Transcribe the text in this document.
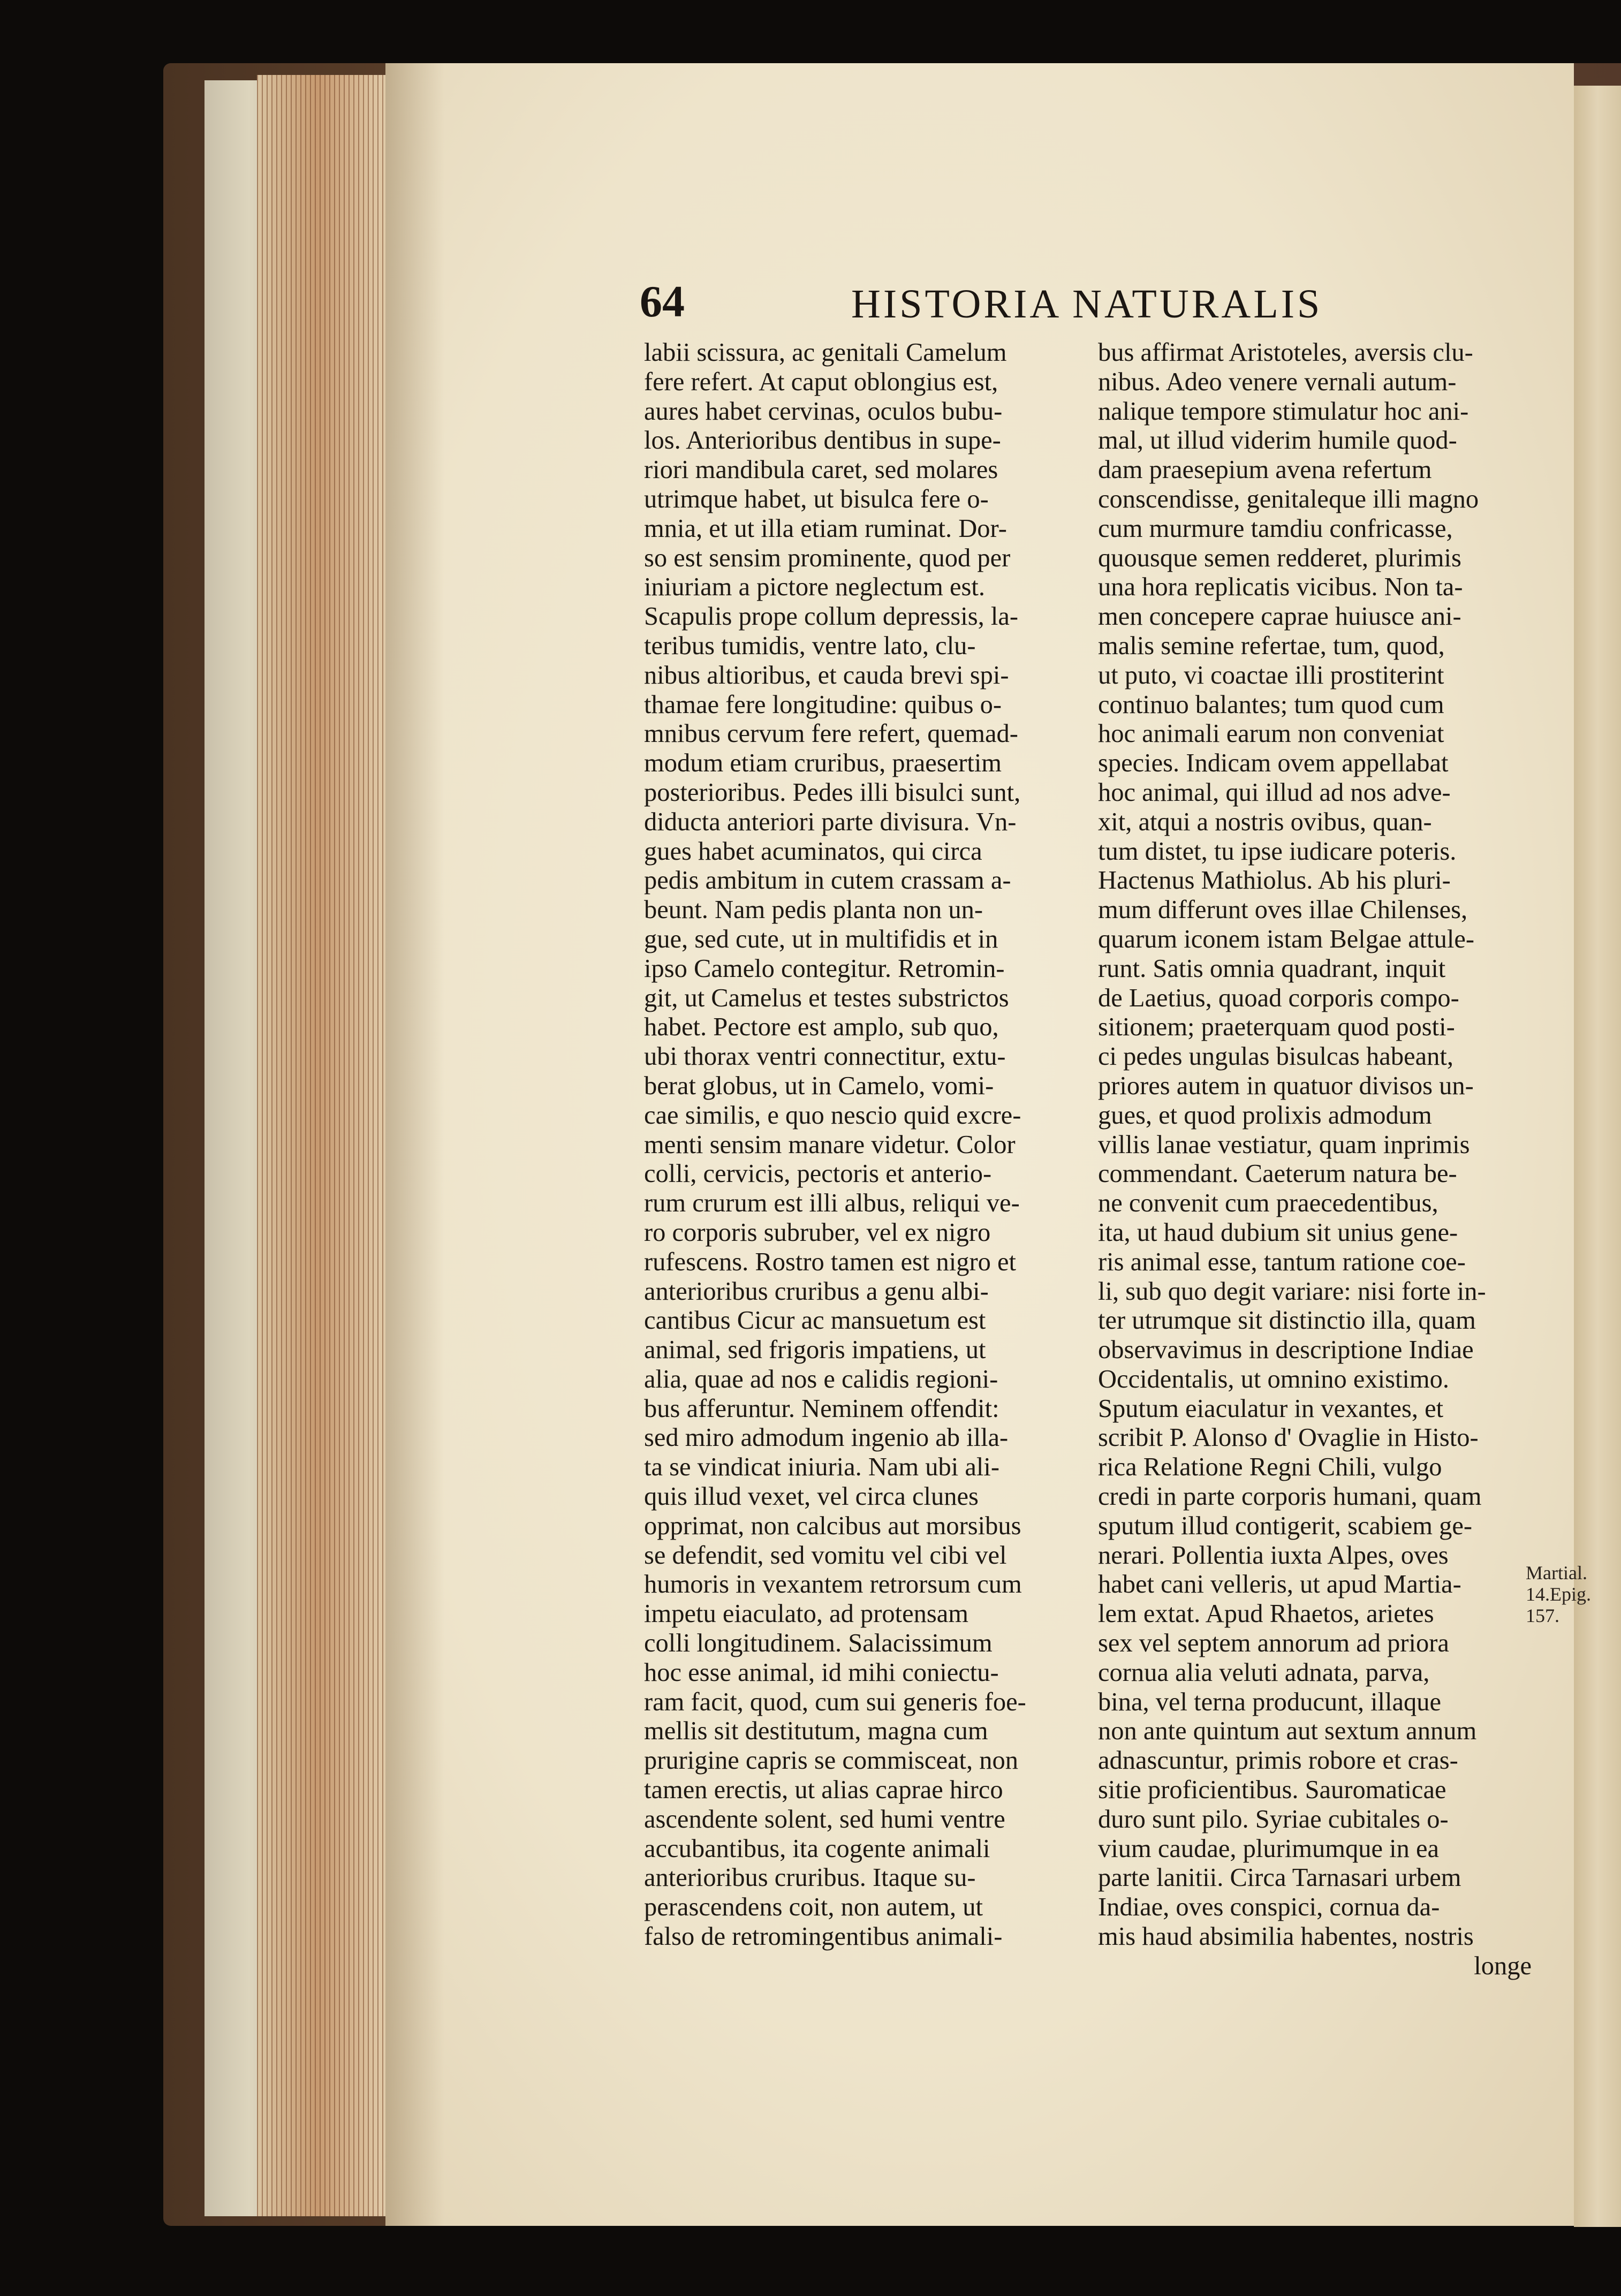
64	HISTORIA NATURALIS
labii scissura, ac genitali Camelum
fere refert. At caput oblongius est,
aures habet cervinas, oculos bubu-
los. Anterioribus dentibus in supe-
riori mandibula caret, sed molares
utrimque habet, ut bisulca fere o-
mnia, et ut illa etiam ruminat. Dor-
so est sensim prominente, quod per
iniuriam a pictore neglectum est.
Scapulis prope collum depressis, la-
teribus tumidis, ventre lato, clu-
nibus altioribus, et cauda brevi spi-
thamae fere longitudine: quibus o-
mnibus cervum fere refert, quemad-
modum etiam cruribus, praesertim
posterioribus. Pedes illi bisulci sunt,
diducta anteriori parte divisura. Vn-
gues habet acuminatos, qui circa
pedis ambitum in cutem crassam a-
beunt. Nam pedis planta non un-
gue, sed cute, ut in multifidis et in
ipso Camelo contegitur. Retromin-
git, ut Camelus et testes substrictos
habet. Pectore est amplo, sub quo,
ubi thorax ventri connectitur, extu-
berat globus, ut in Camelo, vomi-
cae similis, e quo nescio quid excre-
menti sensim manare videtur. Color
colli, cervicis, pectoris et anterio-
rum crurum est illi albus, reliqui ve-
ro corporis subruber, vel ex nigro
rufescens. Rostro tamen est nigro et
anterioribus cruribus a genu albi-
cantibus Cicur ac mansuetum est
animal, sed frigoris impatiens, ut
alia, quae ad nos e calidis regioni-
bus afferuntur. Neminem offendit:
sed miro admodum ingenio ab illa-
ta se vindicat iniuria. Nam ubi ali-
quis illud vexet, vel circa clunes
opprimat, non calcibus aut morsibus
se defendit, sed vomitu vel cibi vel
humoris in vexantem retrorsum cum
impetu eiaculato, ad protensam
colli longitudinem. Salacissimum
hoc esse animal, id mihi coniectu-
ram facit, quod, cum sui generis foe-
mellis sit destitutum, magna cum
prurigine capris se commisceat, non
tamen erectis, ut alias caprae hirco
ascendente solent, sed humi ventre
accubantibus, ita cogente animali
anterioribus cruribus. Itaque su-
perascendens coit, non autem, ut
falso de retromingentibus animali-
bus affirmat Aristoteles, aversis clu-
nibus. Adeo venere vernali autum-
nalique tempore stimulatur hoc ani-
mal, ut illud viderim humile quod-
dam praesepium avena refertum
conscendisse, genitaleque illi magno
cum murmure tamdiu confricasse,
quousque semen redderet, plurimis
una hora replicatis vicibus. Non ta-
men concepere caprae huiusce ani-
malis semine refertae, tum, quod,
ut puto, vi coactae illi prostiterint
continuo balantes; tum quod cum
hoc animali earum non conveniat
species. Indicam ovem appellabat
hoc animal, qui illud ad nos adve-
xit, atqui a nostris ovibus, quan-
tum distet, tu ipse iudicare poteris.
Hactenus Mathiolus. Ab his pluri-
mum differunt oves illae Chilenses,
quarum iconem istam Belgae attule-
runt. Satis omnia quadrant, inquit
de Laetius, quoad corporis compo-
sitionem; praeterquam quod posti-
ci pedes ungulas bisulcas habeant,
priores autem in quatuor divisos un-
gues, et quod prolixis admodum
villis lanae vestiatur, quam inprimis
commendant. Caeterum natura be-
ne convenit cum praecedentibus,
ita, ut haud dubium sit unius gene-
ris animal esse, tantum ratione coe-
li, sub quo degit variare: nisi forte in-
ter utrumque sit distinctio illa, quam
observavimus in descriptione Indiae
Occidentalis, ut omnino existimo.
Sputum eiaculatur in vexantes, et
scribit P. Alonso d' Ovaglie in Histo-
rica Relatione Regni Chili, vulgo
credi in parte corporis humani, quam
sputum illud contigerit, scabiem ge-
nerari. Pollentia iuxta Alpes, oves
habet cani velleris, ut apud Martia-
lem extat. Apud Rhaetos, arietes
sex vel septem annorum ad priora
cornua alia veluti adnata, parva,
bina, vel terna producunt, illaque
non ante quintum aut sextum annum
adnascuntur, primis robore et cras-
sitie proficientibus. Sauromaticae
duro sunt pilo. Syriae cubitales o-
vium caudae, plurimumque in ea
parte lanitii. Circa Tarnasari urbem
Indiae, oves conspici, cornua da-
mis haud absimilia habentes, nostris
longe
Martial.
14.Epig.
157.
